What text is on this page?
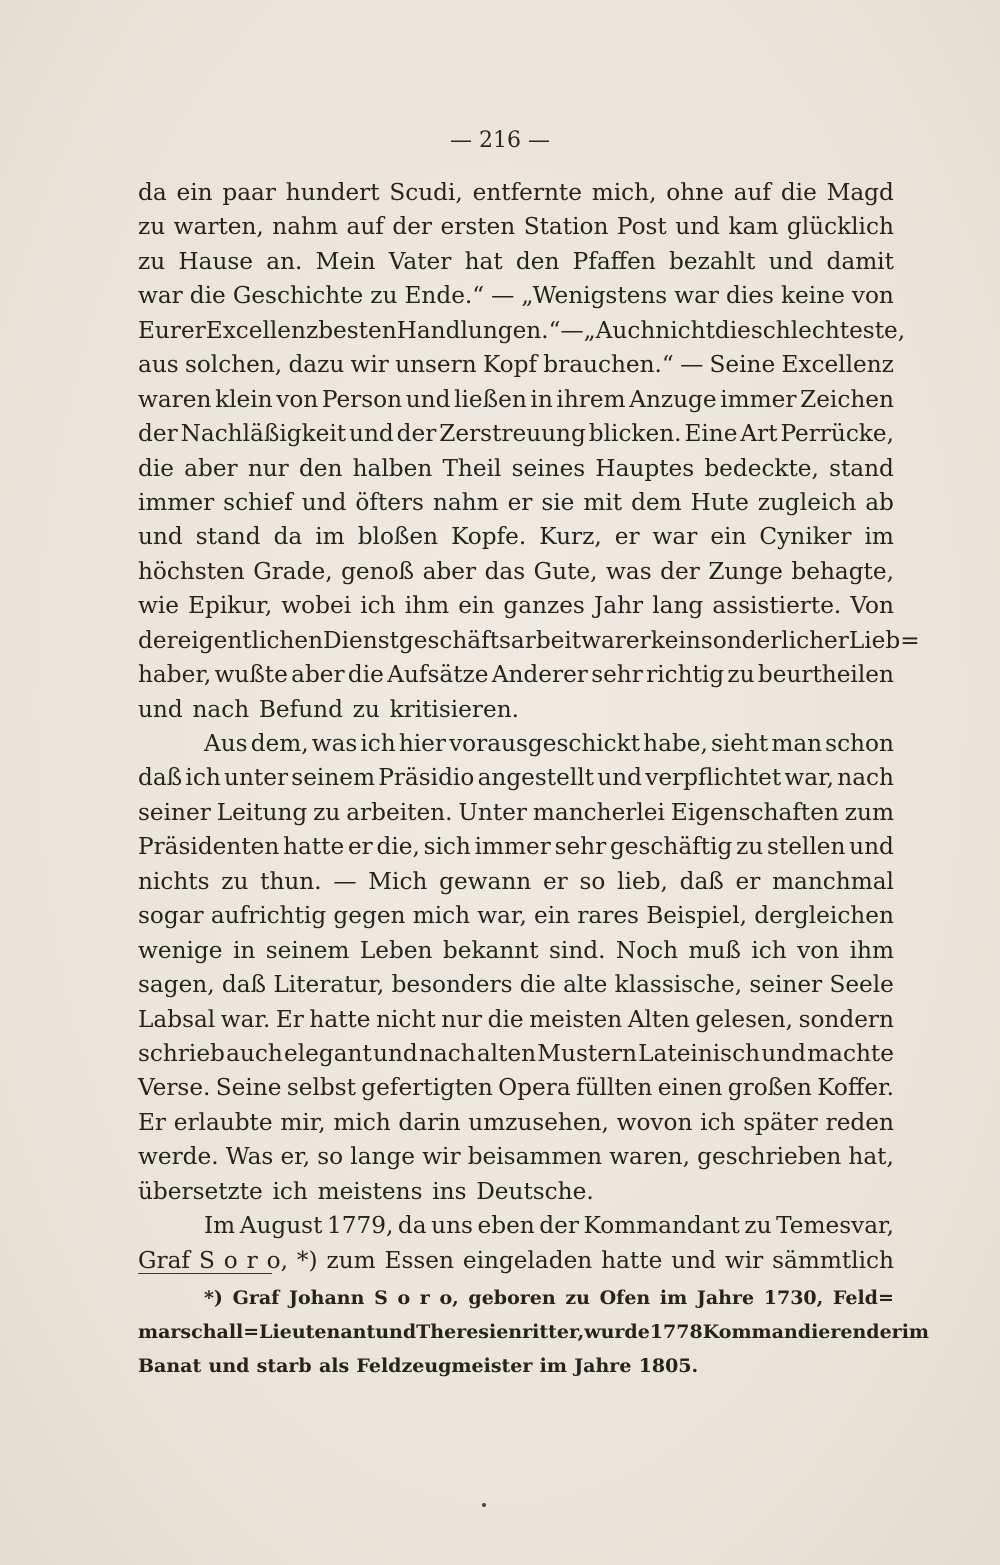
— 216 —
da ein paar hundert Scudi, entfernte mich, ohne auf die Magd
zu warten, nahm auf der ersten Station Post und kam glücklich
zu Hause an. Mein Vater hat den Pfaffen bezahlt und damit
war die Geschichte zu Ende.“ — „Wenigstens war dies keine von
Eurer Excellenz besten Handlungen.“ — „Auch nicht die schlechteste,
aus solchen, dazu wir unsern Kopf brauchen.“ — Seine Excellenz
waren klein von Person und ließen in ihrem Anzuge immer Zeichen
der Nachläßigkeit und der Zerstreuung blicken. Eine Art Perrücke,
die aber nur den halben Theil seines Hauptes bedeckte, stand
immer schief und öfters nahm er sie mit dem Hute zugleich ab
und stand da im bloßen Kopfe. Kurz, er war ein Cyniker im
höchsten Grade, genoß aber das Gute, was der Zunge behagte,
wie Epikur, wobei ich ihm ein ganzes Jahr lang assistierte. Von
der eigentlichen Dienstgeschäftsarbeit war er kein sonderlicher Lieb=
haber, wußte aber die Aufsätze Anderer sehr richtig zu beurtheilen
und nach Befund zu kritisieren.
Aus dem, was ich hier vorausgeschickt habe, sieht man schon
daß ich unter seinem Präsidio angestellt und verpflichtet war, nach
seiner Leitung zu arbeiten. Unter mancherlei Eigenschaften zum
Präsidenten hatte er die, sich immer sehr geschäftig zu stellen und
nichts zu thun. — Mich gewann er so lieb, daß er manchmal
sogar aufrichtig gegen mich war, ein rares Beispiel, dergleichen
wenige in seinem Leben bekannt sind. Noch muß ich von ihm
sagen, daß Literatur, besonders die alte klassische, seiner Seele
Labsal war. Er hatte nicht nur die meisten Alten gelesen, sondern
schrieb auch elegant und nach alten Mustern Lateinisch und machte
Verse. Seine selbst gefertigten Opera füllten einen großen Koffer.
Er erlaubte mir, mich darin umzusehen, wovon ich später reden
werde. Was er, so lange wir beisammen waren, geschrieben hat,
übersetzte ich meistens ins Deutsche.
Im August 1779, da uns eben der Kommandant zu Temesvar,
Graf S o r o, *) zum Essen eingeladen hatte und wir sämmtlich
*) Graf Johann S o r o, geboren zu Ofen im Jahre 1730, Feld=
marschall=Lieutenant und Theresienritter, wurde 1778 Kommandierender im
Banat und starb als Feldzeugmeister im Jahre 1805.
